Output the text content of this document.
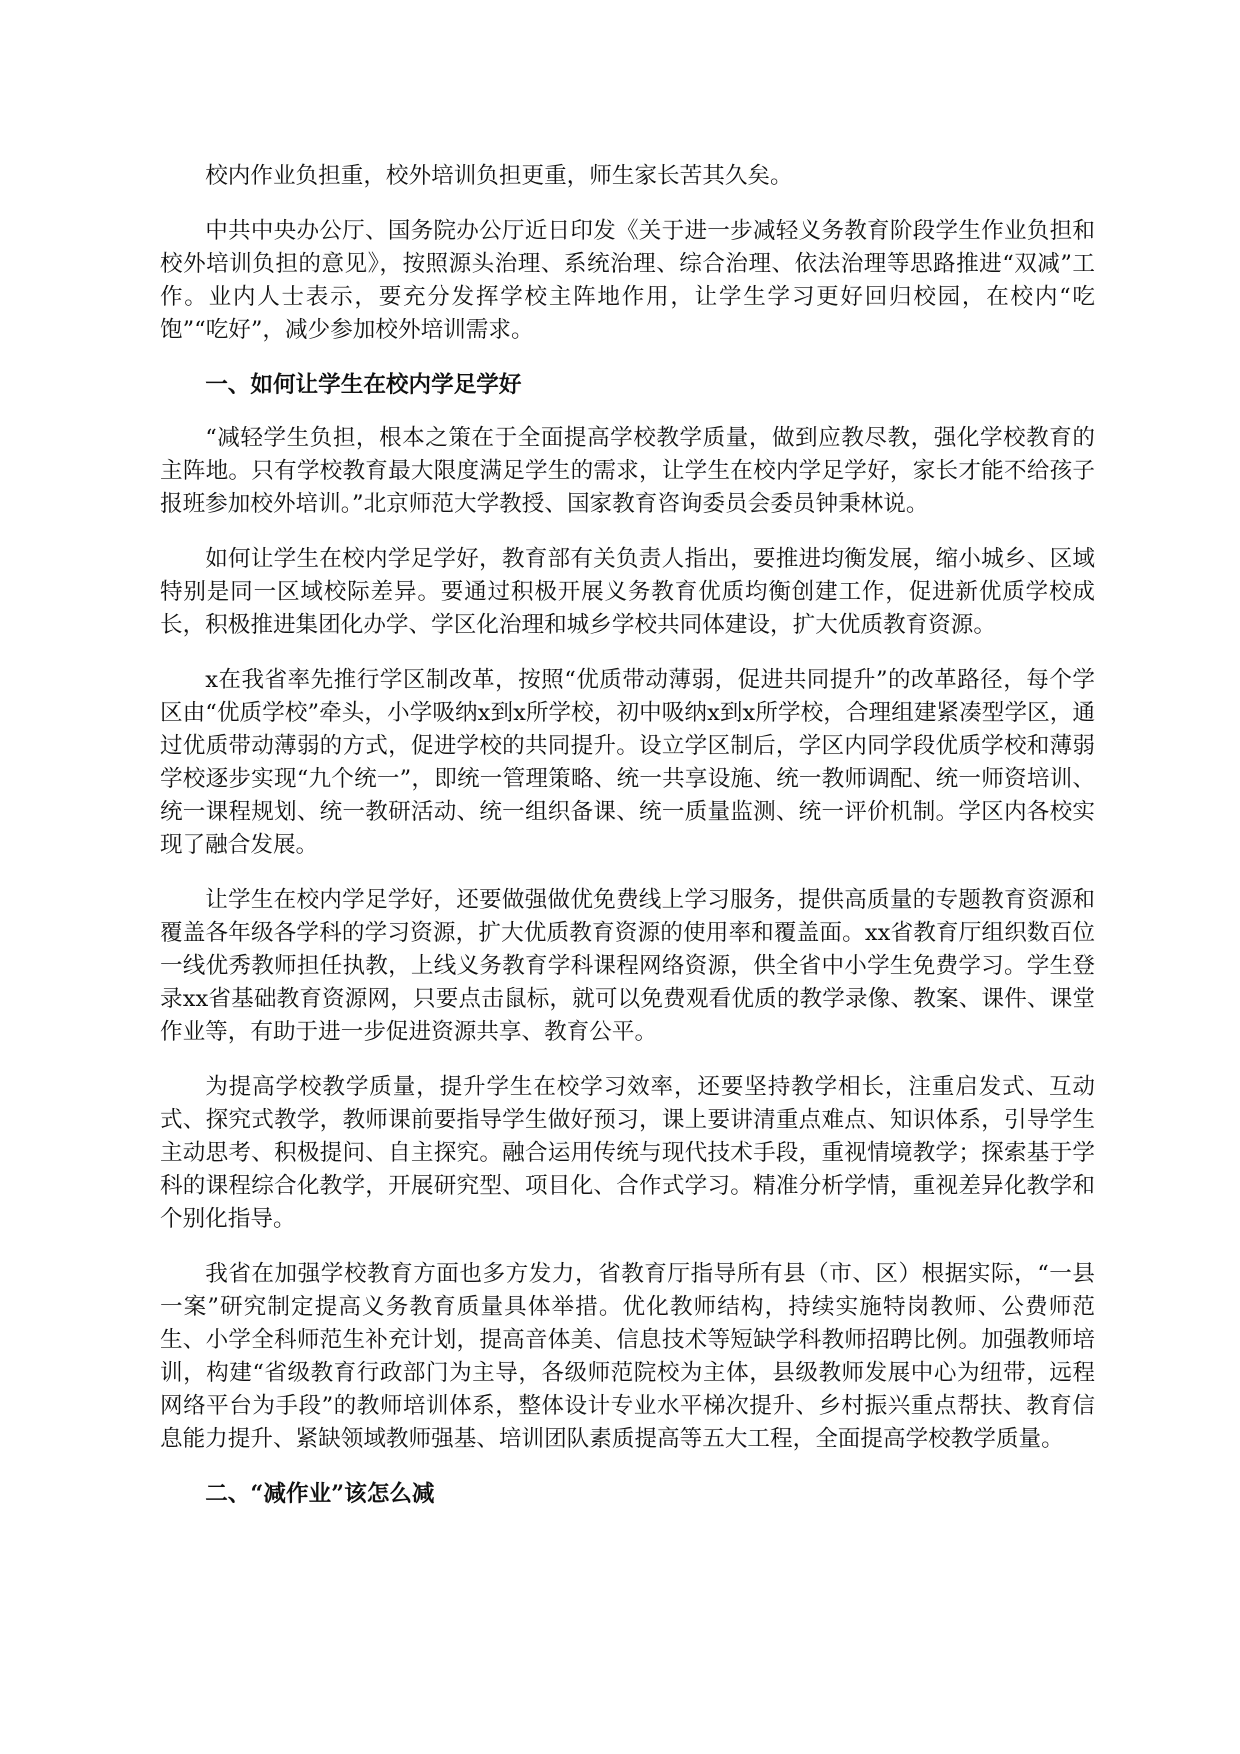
校内作业负担重，校外培训负担更重，师生家长苦其久矣。

中共中央办公厅、国务院办公厅近日印发《关于进一步减轻义务教育阶段学生作业负担和校外培训负担的意见》，按照源头治理、系统治理、综合治理、依法治理等思路推进“双减”工作。业内人士表示，要充分发挥学校主阵地作用，让学生学习更好回归校园，在校内“吃饱”“吃好”，减少参加校外培训需求。

一、如何让学生在校内学足学好

“减轻学生负担，根本之策在于全面提高学校教学质量，做到应教尽教，强化学校教育的主阵地。只有学校教育最大限度满足学生的需求，让学生在校内学足学好，家长才能不给孩子报班参加校外培训。”北京师范大学教授、国家教育咨询委员会委员钟秉林说。

如何让学生在校内学足学好，教育部有关负责人指出，要推进均衡发展，缩小城乡、区域特别是同一区域校际差异。要通过积极开展义务教育优质均衡创建工作，促进新优质学校成长，积极推进集团化办学、学区化治理和城乡学校共同体建设，扩大优质教育资源。

x在我省率先推行学区制改革，按照“优质带动薄弱，促进共同提升”的改革路径，每个学区由“优质学校”牵头，小学吸纳x到x所学校，初中吸纳x到x所学校，合理组建紧凑型学区，通过优质带动薄弱的方式，促进学校的共同提升。设立学区制后，学区内同学段优质学校和薄弱学校逐步实现“九个统一”，即统一管理策略、统一共享设施、统一教师调配、统一师资培训、统一课程规划、统一教研活动、统一组织备课、统一质量监测、统一评价机制。学区内各校实现了融合发展。

让学生在校内学足学好，还要做强做优免费线上学习服务，提供高质量的专题教育资源和覆盖各年级各学科的学习资源，扩大优质教育资源的使用率和覆盖面。xx省教育厅组织数百位一线优秀教师担任执教，上线义务教育学科课程网络资源，供全省中小学生免费学习。学生登录xx省基础教育资源网，只要点击鼠标，就可以免费观看优质的教学录像、教案、课件、课堂作业等，有助于进一步促进资源共享、教育公平。

为提高学校教学质量，提升学生在校学习效率，还要坚持教学相长，注重启发式、互动式、探究式教学，教师课前要指导学生做好预习，课上要讲清重点难点、知识体系，引导学生主动思考、积极提问、自主探究。融合运用传统与现代技术手段，重视情境教学；探索基于学科的课程综合化教学，开展研究型、项目化、合作式学习。精准分析学情，重视差异化教学和个别化指导。

我省在加强学校教育方面也多方发力，省教育厅指导所有县（市、区）根据实际，“一县一案”研究制定提高义务教育质量具体举措。优化教师结构，持续实施特岗教师、公费师范生、小学全科师范生补充计划，提高音体美、信息技术等短缺学科教师招聘比例。加强教师培训，构建“省级教育行政部门为主导，各级师范院校为主体，县级教师发展中心为纽带，远程网络平台为手段”的教师培训体系，整体设计专业水平梯次提升、乡村振兴重点帮扶、教育信息能力提升、紧缺领域教师强基、培训团队素质提高等五大工程，全面提高学校教学质量。

二、“减作业”该怎么减
